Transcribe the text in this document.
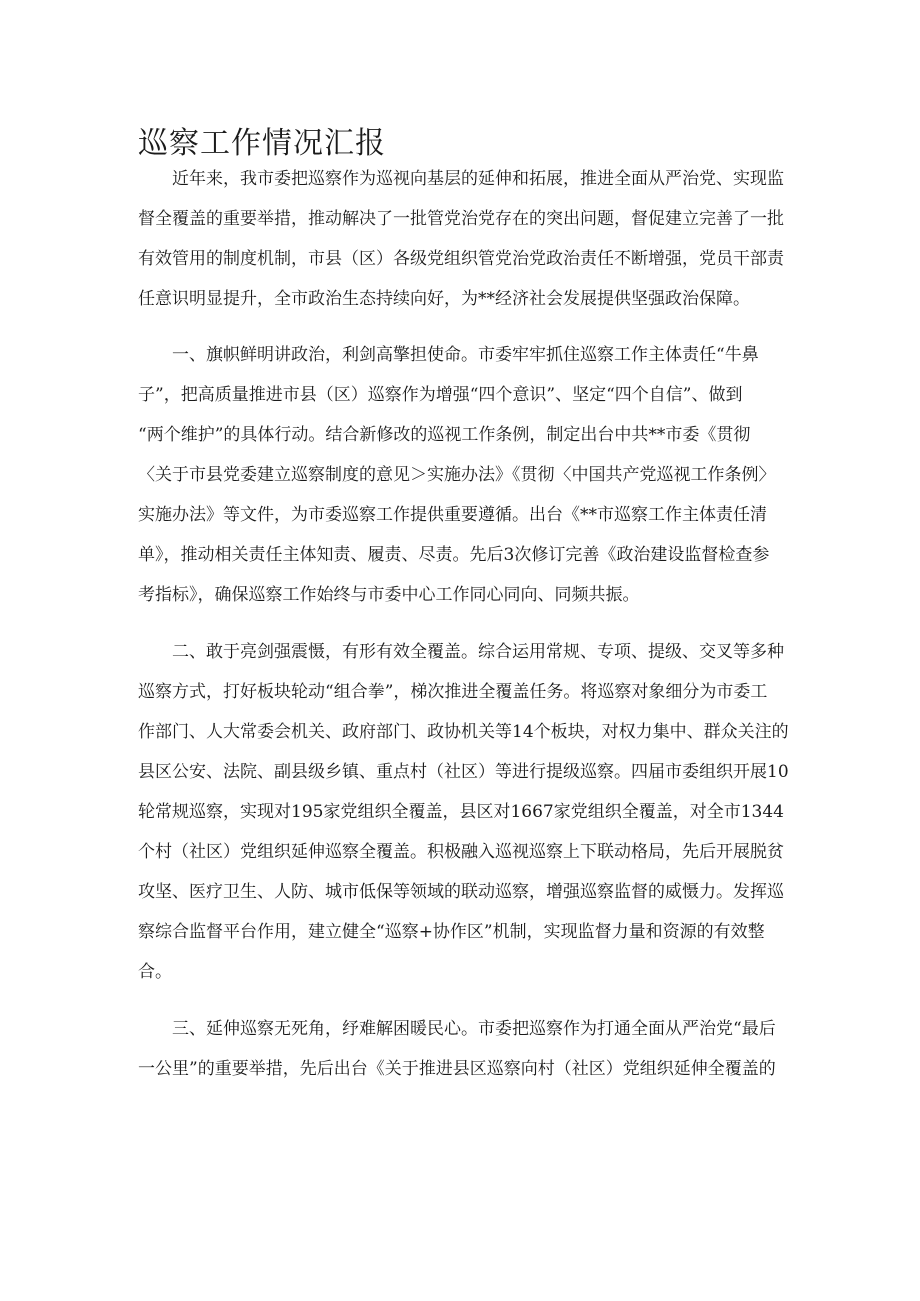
巡察工作情况汇报

近年来，我市委把巡察作为巡视向基层的延伸和拓展，推进全面从严治党、实现监

督全覆盖的重要举措，推动解决了一批管党治党存在的突出问题，督促建立完善了一批

有效管用的制度机制，市县（区）各级党组织管党治党政治责任不断增强，党员干部责

任意识明显提升，全市政治生态持续向好，为**经济社会发展提供坚强政治保障。

一、旗帜鲜明讲政治，利剑高擎担使命。市委牢牢抓住巡察工作主体责任“牛鼻

子”，把高质量推进市县（区）巡察作为增强“四个意识”、坚定“四个自信”、做到

“两个维护”的具体行动。结合新修改的巡视工作条例，制定出台中共**市委《贯彻

〈关于市县党委建立巡察制度的意见＞实施办法》《贯彻〈中国共产党巡视工作条例〉

实施办法》等文件，为市委巡察工作提供重要遵循。出台《**市巡察工作主体责任清

单》，推动相关责任主体知责、履责、尽责。先后3次修订完善《政治建设监督检查参

考指标》，确保巡察工作始终与市委中心工作同心同向、同频共振。

二、敢于亮剑强震慑，有形有效全覆盖。综合运用常规、专项、提级、交叉等多种

巡察方式，打好板块轮动“组合拳”，梯次推进全覆盖任务。将巡察对象细分为市委工

作部门、人大常委会机关、政府部门、政协机关等14个板块，对权力集中、群众关注的

县区公安、法院、副县级乡镇、重点村（社区）等进行提级巡察。四届市委组织开展10

轮常规巡察，实现对195家党组织全覆盖，县区对1667家党组织全覆盖，对全市1344

个村（社区）党组织延伸巡察全覆盖。积极融入巡视巡察上下联动格局，先后开展脱贫

攻坚、医疗卫生、人防、城市低保等领域的联动巡察，增强巡察监督的威慑力。发挥巡

察综合监督平台作用，建立健全“巡察+协作区”机制，实现监督力量和资源的有效整

合。

三、延伸巡察无死角，纾难解困暖民心。市委把巡察作为打通全面从严治党“最后

一公里”的重要举措，先后出台《关于推进县区巡察向村（社区）党组织延伸全覆盖的
